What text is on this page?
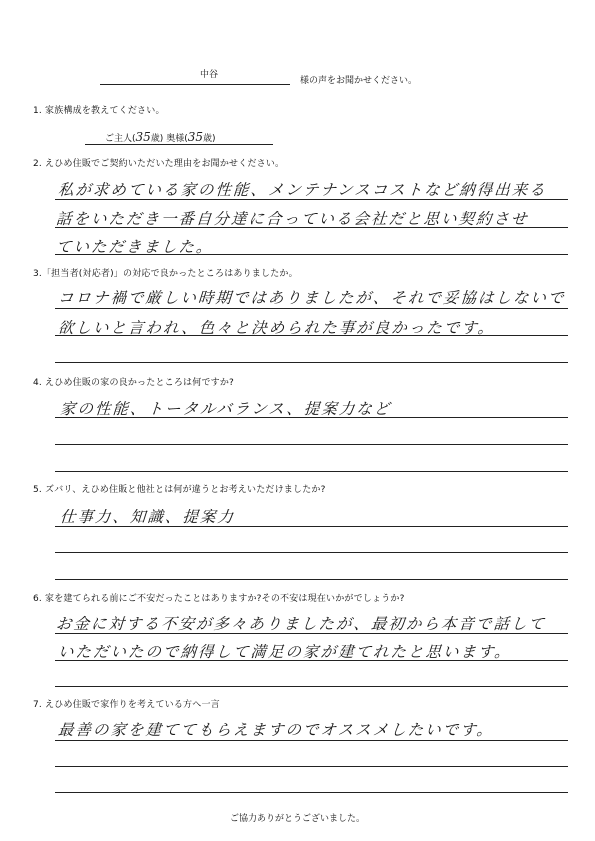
中谷
様の声をお聞かせください。
1. 家族構成を教えてください。
ご主人(35歳) 奥様(35歳)
2. えひめ住販でご契約いただいた理由をお聞かせください。
私が求めている家の性能、メンテナンスコストなど納得出来る
話をいただき一番自分達に合っている会社だと思い契約させ
ていただきました。
3.「担当者(対応者)」の対応で良かったところはありましたか。
コロナ禍で厳しい時期ではありましたが、それで妥協はしないで
欲しいと言われ、色々と決められた事が良かったです。
4. えひめ住販の家の良かったところは何ですか?
家の性能、トータルバランス、提案力など
5. ズバリ、えひめ住販と他社とは何が違うとお考えいただけましたか?
仕事力、知識、提案力
6. 家を建てられる前にご不安だったことはありますか?その不安は現在いかがでしょうか?
お金に対する不安が多々ありましたが、最初から本音で話して
いただいたので納得して満足の家が建てれたと思います。
7. えひめ住販で家作りを考えている方へ一言
最善の家を建ててもらえますのでオススメしたいです。
ご協力ありがとうございました。
